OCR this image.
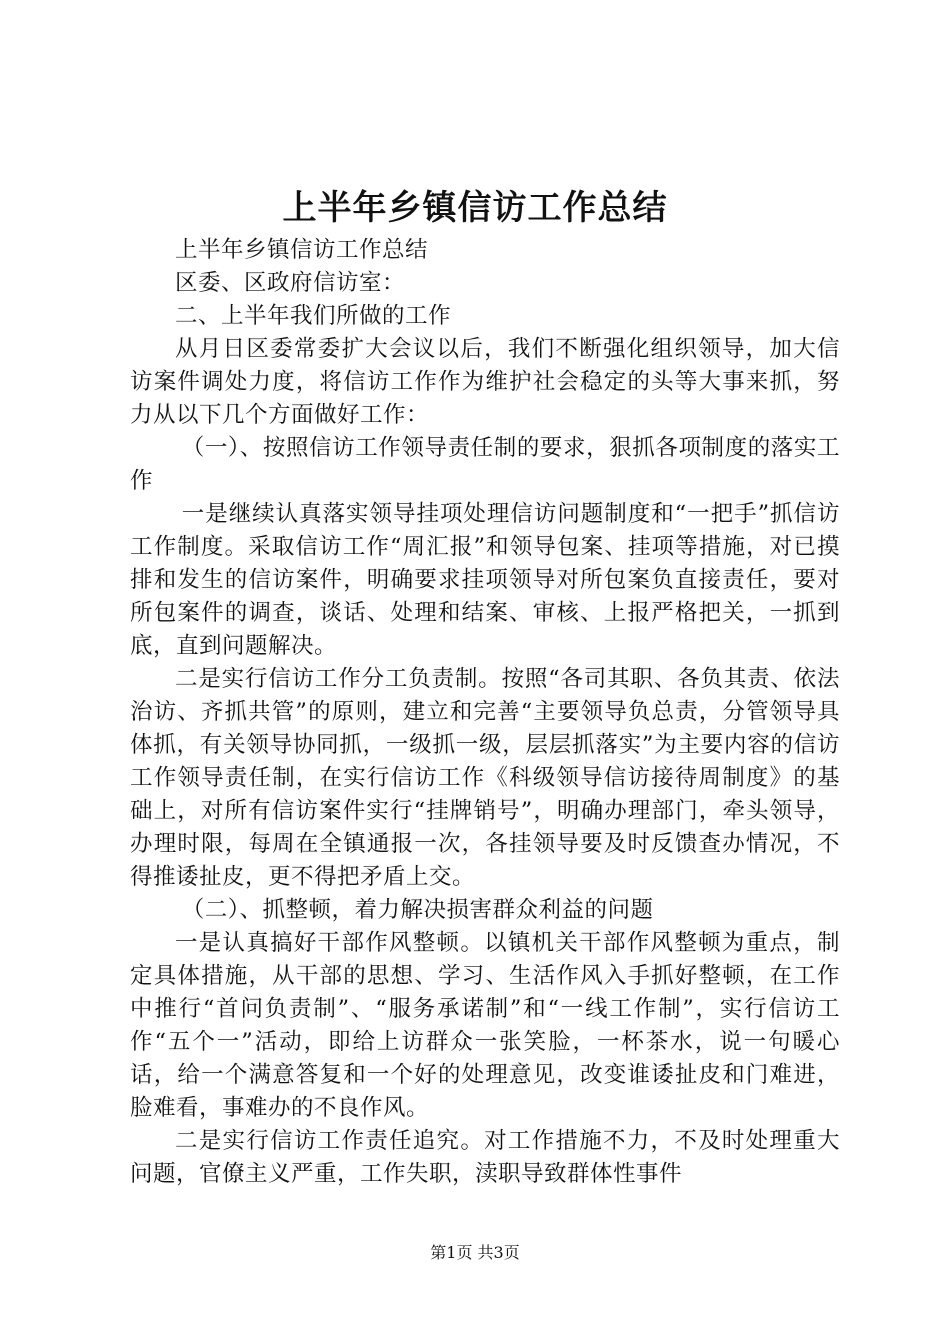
上半年乡镇信访工作总结

上半年乡镇信访工作总结

区委、区政府信访室：

二、上半年我们所做的工作

从月日区委常委扩大会议以后，我们不断强化组织领导，加大信访案件调处力度，将信访工作作为维护社会稳定的头等大事来抓，努力从以下几个方面做好工作：

（一）、按照信访工作领导责任制的要求，狠抓各项制度的落实工作

一是继续认真落实领导挂项处理信访问题制度和“一把手”抓信访工作制度。采取信访工作“周汇报”和领导包案、挂项等措施，对已摸排和发生的信访案件，明确要求挂项领导对所包案负直接责任，要对所包案件的调查，谈话、处理和结案、审核、上报严格把关，一抓到底，直到问题解决。

二是实行信访工作分工负责制。按照“各司其职、各负其责、依法治访、齐抓共管”的原则，建立和完善“主要领导负总责，分管领导具体抓，有关领导协同抓，一级抓一级，层层抓落实”为主要内容的信访工作领导责任制，在实行信访工作《科级领导信访接待周制度》的基础上，对所有信访案件实行“挂牌销号”，明确办理部门，牵头领导，办理时限，每周在全镇通报一次，各挂领导要及时反馈查办情况，不得推诿扯皮，更不得把矛盾上交。

（二）、抓整顿，着力解决损害群众利益的问题

一是认真搞好干部作风整顿。以镇机关干部作风整顿为重点，制定具体措施，从干部的思想、学习、生活作风入手抓好整顿，在工作中推行“首问负责制”、“服务承诺制”和“一线工作制”，实行信访工作“五个一”活动，即给上访群众一张笑脸，一杯茶水，说一句暖心话，给一个满意答复和一个好的处理意见，改变谁诿扯皮和门难进，脸难看，事难办的不良作风。

二是实行信访工作责任追究。对工作措施不力，不及时处理重大问题，官僚主义严重，工作失职，渎职导致群体性事件

第1页 共3页
